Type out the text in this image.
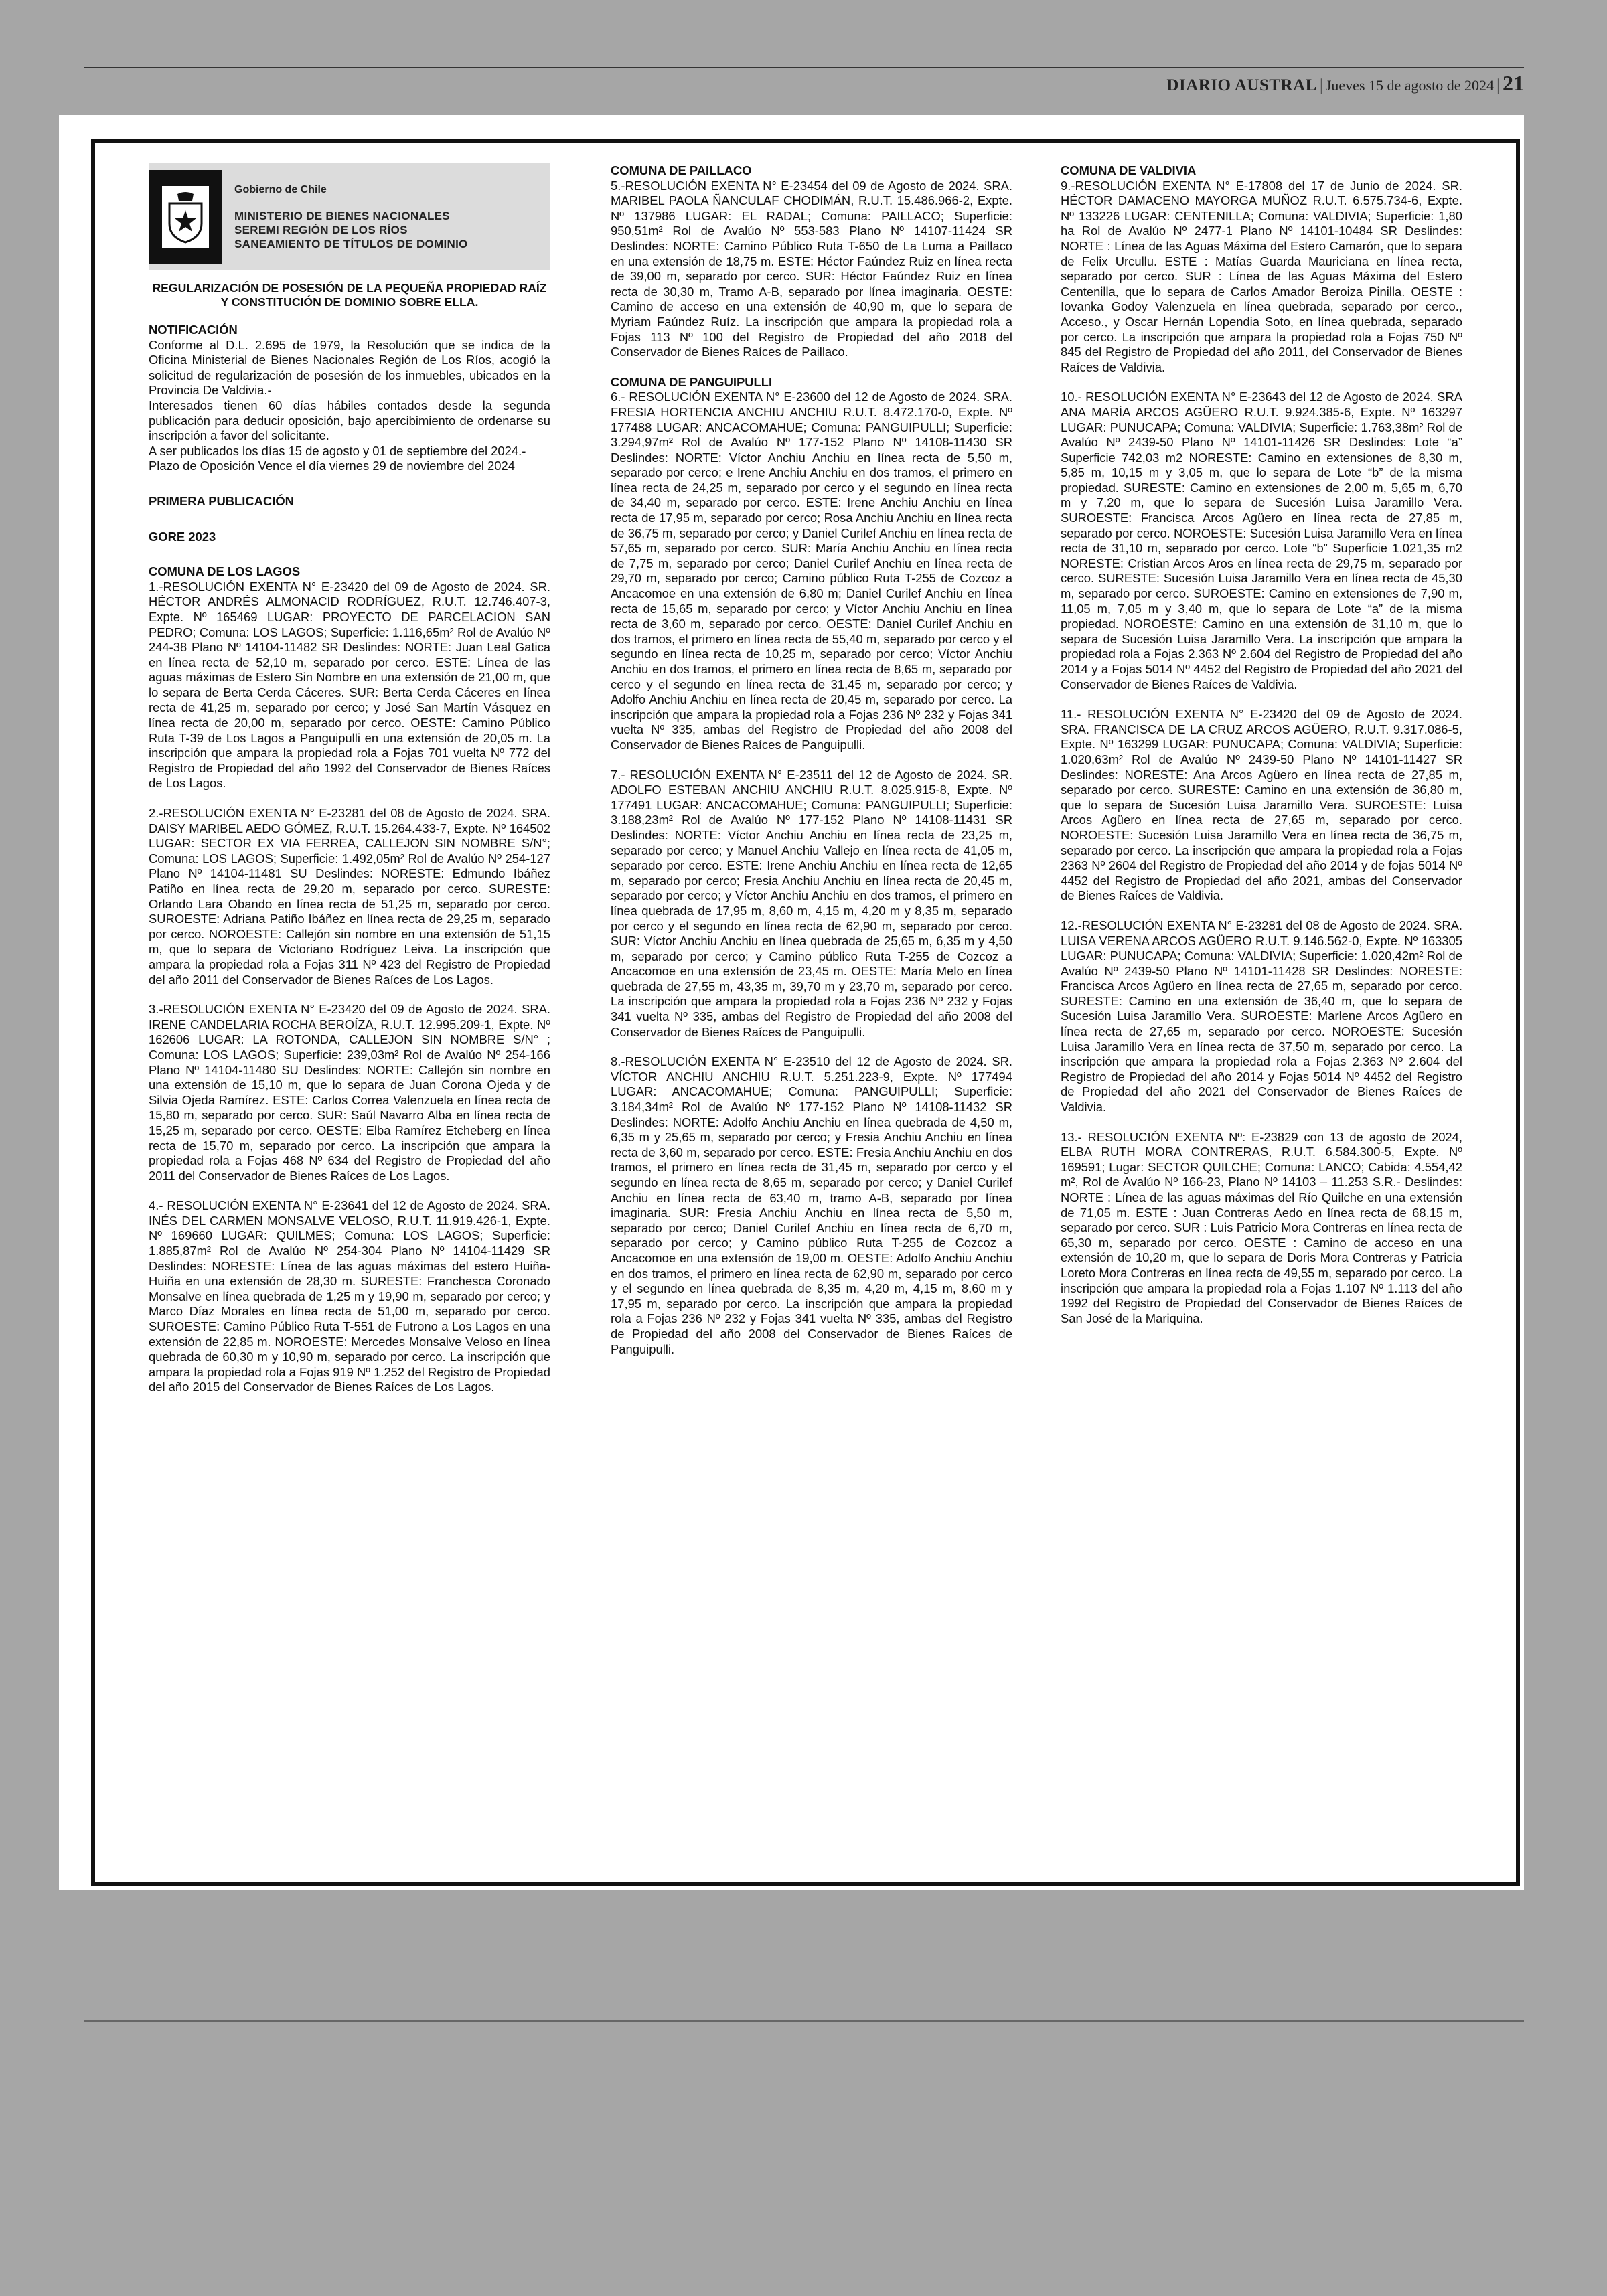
DIARIO AUSTRAL | Jueves 15 de agosto de 2024 | 21
Gobierno de Chile
MINISTERIO DE BIENES NACIONALES
SEREMI REGIÓN DE LOS RÍOS
SANEAMIENTO DE TÍTULOS DE DOMINIO
REGULARIZACIÓN DE POSESIÓN DE LA PEQUEÑA PROPIEDAD RAÍZ Y CONSTITUCIÓN DE DOMINIO SOBRE ELLA.

NOTIFICACIÓN

Conforme al D.L. 2.695 de 1979, la Resolución que se indica de la Oficina Ministerial de Bienes Nacionales Región de Los Ríos, acogió la solicitud de regularización de posesión de los inmuebles, ubicados en la Provincia De Valdivia.-

Interesados tienen 60 días hábiles contados desde la segunda publicación para deducir oposición, bajo apercibimiento de ordenarse su inscripción a favor del solicitante.

A ser publicados los días 15 de agosto y 01 de septiembre del 2024.-

Plazo de Oposición Vence el día viernes 29 de noviembre del 2024

PRIMERA PUBLICACIÓN

GORE 2023

COMUNA DE LOS LAGOS

1.-RESOLUCIÓN EXENTA N° E-23420 del 09 de Agosto de 2024. SR. HÉCTOR ANDRÉS ALMONACID RODRÍGUEZ, R.U.T. 12.746.407-3, Expte. Nº 165469 LUGAR: PROYECTO DE PARCELACION SAN PEDRO; Comuna: LOS LAGOS; Superficie: 1.116,65m² Rol de Avalúo Nº 244-38 Plano Nº 14104-11482 SR Deslindes: NORTE: Juan Leal Gatica en línea recta de 52,10 m, separado por cerco. ESTE: Línea de las aguas máximas de Estero Sin Nombre en una extensión de 21,00 m, que lo separa de Berta Cerda Cáceres. SUR: Berta Cerda Cáceres en línea recta de 41,25 m, separado por cerco; y José San Martín Vásquez en línea recta de 20,00 m, separado por cerco. OESTE: Camino Público Ruta T-39 de Los Lagos a Panguipulli en una extensión de 20,05 m. La inscripción que ampara la propiedad rola a Fojas 701 vuelta Nº 772 del Registro de Propiedad del año 1992 del Conservador de Bienes Raíces de Los Lagos.

2.-RESOLUCIÓN EXENTA N° E-23281 del 08 de Agosto de 2024. SRA. DAISY MARIBEL AEDO GÓMEZ, R.U.T. 15.264.433-7, Expte. Nº 164502 LUGAR: SECTOR EX VIA FERREA, CALLEJON SIN NOMBRE S/N°; Comuna: LOS LAGOS; Superficie: 1.492,05m² Rol de Avalúo Nº 254-127 Plano Nº 14104-11481 SU Deslindes: NORESTE: Edmundo Ibáñez Patiño en línea recta de 29,20 m, separado por cerco. SURESTE: Orlando Lara Obando en línea recta de 51,25 m, separado por cerco. SUROESTE: Adriana Patiño Ibáñez en línea recta de 29,25 m, separado por cerco. NOROESTE: Callejón sin nombre en una extensión de 51,15 m, que lo separa de Victoriano Rodríguez Leiva. La inscripción que ampara la propiedad rola a Fojas 311 Nº 423 del Registro de Propiedad del año 2011 del Conservador de Bienes Raíces de Los Lagos.

3.-RESOLUCIÓN EXENTA N° E-23420 del 09 de Agosto de 2024. SRA. IRENE CANDELARIA ROCHA BEROÍZA, R.U.T. 12.995.209-1, Expte. Nº 162606 LUGAR: LA ROTONDA, CALLEJON SIN NOMBRE S/N° ; Comuna: LOS LAGOS; Superficie: 239,03m² Rol de Avalúo Nº 254-166 Plano Nº 14104-11480 SU Deslindes: NORTE: Callejón sin nombre en una extensión de 15,10 m, que lo separa de Juan Corona Ojeda y de Silvia Ojeda Ramírez. ESTE: Carlos Correa Valenzuela en línea recta de 15,80 m, separado por cerco. SUR: Saúl Navarro Alba en línea recta de 15,25 m, separado por cerco. OESTE: Elba Ramírez Etcheberg en línea recta de 15,70 m, separado por cerco. La inscripción que ampara la propiedad rola a Fojas 468 Nº 634 del Registro de Propiedad del año 2011 del Conservador de Bienes Raíces de Los Lagos.

4.- RESOLUCIÓN EXENTA N° E-23641 del 12 de Agosto de 2024. SRA. INÉS DEL CARMEN MONSALVE VELOSO, R.U.T. 11.919.426-1, Expte. Nº 169660 LUGAR: QUILMES; Comuna: LOS LAGOS; Superficie: 1.885,87m² Rol de Avalúo Nº 254-304 Plano Nº 14104-11429 SR Deslindes: NORESTE: Línea de las aguas máximas del estero Huiña-Huiña en una extensión de 28,30 m. SURESTE: Franchesca Coronado Monsalve en línea quebrada de 1,25 m y 19,90 m, separado por cerco; y Marco Díaz Morales en línea recta de 51,00 m, separado por cerco. SUROESTE: Camino Público Ruta T-551 de Futrono a Los Lagos en una extensión de 22,85 m. NOROESTE: Mercedes Monsalve Veloso en línea quebrada de 60,30 m y 10,90 m, separado por cerco. La inscripción que ampara la propiedad rola a Fojas 919 Nº 1.252 del Registro de Propiedad del año 2015 del Conservador de Bienes Raíces de Los Lagos.

COMUNA DE PAILLACO

5.-RESOLUCIÓN EXENTA N° E-23454 del 09 de Agosto de 2024. SRA. MARIBEL PAOLA ÑANCULAF CHODIMÁN, R.U.T. 15.486.966-2, Expte. Nº 137986 LUGAR: EL RADAL; Comuna: PAILLACO; Superficie: 950,51m² Rol de Avalúo Nº 553-583 Plano Nº 14107-11424 SR Deslindes: NORTE: Camino Público Ruta T-650 de La Luma a Paillaco en una extensión de 18,75 m. ESTE: Héctor Faúndez Ruiz en línea recta de 39,00 m, separado por cerco. SUR: Héctor Faúndez Ruiz en línea recta de 30,30 m, Tramo A-B, separado por línea imaginaria. OESTE: Camino de acceso en una extensión de 40,90 m, que lo separa de Myriam Faúndez Ruíz. La inscripción que ampara la propiedad rola a Fojas 113 Nº 100 del Registro de Propiedad del año 2018 del Conservador de Bienes Raíces de Paillaco.

COMUNA DE PANGUIPULLI

6.- RESOLUCIÓN EXENTA N° E-23600 del 12 de Agosto de 2024. SRA. FRESIA HORTENCIA ANCHIU ANCHIU R.U.T. 8.472.170-0, Expte. Nº 177488 LUGAR: ANCACOMAHUE; Comuna: PANGUIPULLI; Superficie: 3.294,97m² Rol de Avalúo Nº 177-152 Plano Nº 14108-11430 SR Deslindes: NORTE: Víctor Anchiu Anchiu en línea recta de 5,50 m, separado por cerco; e Irene Anchiu Anchiu en dos tramos, el primero en línea recta de 24,25 m, separado por cerco y el segundo en línea recta de 34,40 m, separado por cerco. ESTE: Irene Anchiu Anchiu en línea recta de 17,95 m, separado por cerco; Rosa Anchiu Anchiu en línea recta de 36,75 m, separado por cerco; y Daniel Curilef Anchiu en línea recta de 57,65 m, separado por cerco. SUR: María Anchiu Anchiu en línea recta de 7,75 m, separado por cerco; Daniel Curilef Anchiu en línea recta de 29,70 m, separado por cerco; Camino público Ruta T-255 de Cozcoz a Ancacomoe en una extensión de 6,80 m; Daniel Curilef Anchiu en línea recta de 15,65 m, separado por cerco; y Víctor Anchiu Anchiu en línea recta de 3,60 m, separado por cerco. OESTE: Daniel Curilef Anchiu en dos tramos, el primero en línea recta de 55,40 m, separado por cerco y el segundo en línea recta de 10,25 m, separado por cerco; Víctor Anchiu Anchiu en dos tramos, el primero en línea recta de 8,65 m, separado por cerco y el segundo en línea recta de 31,45 m, separado por cerco; y Adolfo Anchiu Anchiu en línea recta de 20,45 m, separado por cerco. La inscripción que ampara la propiedad rola a Fojas 236 Nº 232 y Fojas 341 vuelta Nº 335, ambas del Registro de Propiedad del año 2008 del Conservador de Bienes Raíces de Panguipulli.

7.- RESOLUCIÓN EXENTA N° E-23511 del 12 de Agosto de 2024. SR. ADOLFO ESTEBAN ANCHIU ANCHIU R.U.T. 8.025.915-8, Expte. Nº 177491 LUGAR: ANCACOMAHUE; Comuna: PANGUIPULLI; Superficie: 3.188,23m² Rol de Avalúo Nº 177-152 Plano Nº 14108-11431 SR Deslindes: NORTE: Víctor Anchiu Anchiu en línea recta de 23,25 m, separado por cerco; y Manuel Anchiu Vallejo en línea recta de 41,05 m, separado por cerco. ESTE: Irene Anchiu Anchiu en línea recta de 12,65 m, separado por cerco; Fresia Anchiu Anchiu en línea recta de 20,45 m, separado por cerco; y Víctor Anchiu Anchiu en dos tramos, el primero en línea quebrada de 17,95 m, 8,60 m, 4,15 m, 4,20 m y 8,35 m, separado por cerco y el segundo en línea recta de 62,90 m, separado por cerco. SUR: Víctor Anchiu Anchiu en línea quebrada de 25,65 m, 6,35 m y 4,50 m, separado por cerco; y Camino público Ruta T-255 de Cozcoz a Ancacomoe en una extensión de 23,45 m. OESTE: María Melo en línea quebrada de 27,55 m, 43,35 m, 39,70 m y 23,70 m, separado por cerco. La inscripción que ampara la propiedad rola a Fojas 236 Nº 232 y Fojas 341 vuelta Nº 335, ambas del Registro de Propiedad del año 2008 del Conservador de Bienes Raíces de Panguipulli.

8.-RESOLUCIÓN EXENTA N° E-23510 del 12 de Agosto de 2024. SR. VÍCTOR ANCHIU ANCHIU R.U.T. 5.251.223-9, Expte. Nº 177494 LUGAR: ANCACOMAHUE; Comuna: PANGUIPULLI; Superficie: 3.184,34m² Rol de Avalúo Nº 177-152 Plano Nº 14108-11432 SR Deslindes: NORTE: Adolfo Anchiu Anchiu en línea quebrada de 4,50 m, 6,35 m y 25,65 m, separado por cerco; y Fresia Anchiu Anchiu en línea recta de 3,60 m, separado por cerco. ESTE: Fresia Anchiu Anchiu en dos tramos, el primero en línea recta de 31,45 m, separado por cerco y el segundo en línea recta de 8,65 m, separado por cerco; y Daniel Curilef Anchiu en línea recta de 63,40 m, tramo A-B, separado por línea imaginaria. SUR: Fresia Anchiu Anchiu en línea recta de 5,50 m, separado por cerco; Daniel Curilef Anchiu en línea recta de 6,70 m, separado por cerco; y Camino público Ruta T-255 de Cozcoz a Ancacomoe en una extensión de 19,00 m. OESTE: Adolfo Anchiu Anchiu en dos tramos, el primero en línea recta de 62,90 m, separado por cerco y el segundo en línea quebrada de 8,35 m, 4,20 m, 4,15 m, 8,60 m y 17,95 m, separado por cerco. La inscripción que ampara la propiedad rola a Fojas 236 Nº 232 y Fojas 341 vuelta Nº 335, ambas del Registro de Propiedad del año 2008 del Conservador de Bienes Raíces de Panguipulli.

COMUNA DE VALDIVIA

9.-RESOLUCIÓN EXENTA N° E-17808 del 17 de Junio de 2024. SR. HÉCTOR DAMACENO MAYORGA MUÑOZ R.U.T. 6.575.734-6, Expte. Nº 133226 LUGAR: CENTENILLA; Comuna: VALDIVIA; Superficie: 1,80 ha Rol de Avalúo Nº 2477-1 Plano Nº 14101-10484 SR Deslindes: NORTE : Línea de las Aguas Máxima del Estero Camarón, que lo separa de Felix Urcullu. ESTE : Matías Guarda Mauriciana en línea recta, separado por cerco. SUR : Línea de las Aguas Máxima del Estero Centenilla, que lo separa de Carlos Amador Beroiza Pinilla. OESTE : Iovanka Godoy Valenzuela en línea quebrada, separado por cerco., Acceso., y Oscar Hernán Lopendia Soto, en línea quebrada, separado por cerco. La inscripción que ampara la propiedad rola a Fojas 750 Nº 845 del Registro de Propiedad del año 2011, del Conservador de Bienes Raíces de Valdivia.

10.- RESOLUCIÓN EXENTA N° E-23643 del 12 de Agosto de 2024. SRA ANA MARÍA ARCOS AGÜERO R.U.T. 9.924.385-6, Expte. Nº 163297 LUGAR: PUNUCAPA; Comuna: VALDIVIA; Superficie: 1.763,38m² Rol de Avalúo Nº 2439-50 Plano Nº 14101-11426 SR Deslindes: Lote “a” Superficie 742,03 m2 NORESTE: Camino en extensiones de 8,30 m, 5,85 m, 10,15 m y 3,05 m, que lo separa de Lote “b” de la misma propiedad. SURESTE: Camino en extensiones de 2,00 m, 5,65 m, 6,70 m y 7,20 m, que lo separa de Sucesión Luisa Jaramillo Vera. SUROESTE: Francisca Arcos Agüero en línea recta de 27,85 m, separado por cerco. NOROESTE: Sucesión Luisa Jaramillo Vera en línea recta de 31,10 m, separado por cerco. Lote “b” Superficie 1.021,35 m2 NORESTE: Cristian Arcos Aros en línea recta de 29,75 m, separado por cerco. SURESTE: Sucesión Luisa Jaramillo Vera en línea recta de 45,30 m, separado por cerco. SUROESTE: Camino en extensiones de 7,90 m, 11,05 m, 7,05 m y 3,40 m, que lo separa de Lote “a” de la misma propiedad. NOROESTE: Camino en una extensión de 31,10 m, que lo separa de Sucesión Luisa Jaramillo Vera. La inscripción que ampara la propiedad rola a Fojas 2.363 Nº 2.604 del Registro de Propiedad del año 2014 y a Fojas 5014 Nº 4452 del Registro de Propiedad del año 2021 del Conservador de Bienes Raíces de Valdivia.

11.- RESOLUCIÓN EXENTA N° E-23420 del 09 de Agosto de 2024. SRA. FRANCISCA DE LA CRUZ ARCOS AGÜERO, R.U.T. 9.317.086-5, Expte. Nº 163299 LUGAR: PUNUCAPA; Comuna: VALDIVIA; Superficie: 1.020,63m² Rol de Avalúo Nº 2439-50 Plano Nº 14101-11427 SR Deslindes: NORESTE: Ana Arcos Agüero en línea recta de 27,85 m, separado por cerco. SURESTE: Camino en una extensión de 36,80 m, que lo separa de Sucesión Luisa Jaramillo Vera. SUROESTE: Luisa Arcos Agüero en línea recta de 27,65 m, separado por cerco. NOROESTE: Sucesión Luisa Jaramillo Vera en línea recta de 36,75 m, separado por cerco. La inscripción que ampara la propiedad rola a Fojas 2363 Nº 2604 del Registro de Propiedad del año 2014 y de fojas 5014 Nº 4452 del Registro de Propiedad del año 2021, ambas del Conservador de Bienes Raíces de Valdivia.

12.-RESOLUCIÓN EXENTA N° E-23281 del 08 de Agosto de 2024. SRA. LUISA VERENA ARCOS AGÜERO R.U.T. 9.146.562-0, Expte. Nº 163305 LUGAR: PUNUCAPA; Comuna: VALDIVIA; Superficie: 1.020,42m² Rol de Avalúo Nº 2439-50 Plano Nº 14101-11428 SR Deslindes: NORESTE: Francisca Arcos Agüero en línea recta de 27,65 m, separado por cerco. SURESTE: Camino en una extensión de 36,40 m, que lo separa de Sucesión Luisa Jaramillo Vera. SUROESTE: Marlene Arcos Agüero en línea recta de 27,65 m, separado por cerco. NOROESTE: Sucesión Luisa Jaramillo Vera en línea recta de 37,50 m, separado por cerco. La inscripción que ampara la propiedad rola a Fojas 2.363 Nº 2.604 del Registro de Propiedad del año 2014 y Fojas 5014 Nº 4452 del Registro de Propiedad del año 2021 del Conservador de Bienes Raíces de Valdivia.

13.- RESOLUCIÓN EXENTA Nº: E-23829 con 13 de agosto de 2024, ELBA RUTH MORA CONTRERAS, R.U.T. 6.584.300-5, Expte. Nº 169591; Lugar: SECTOR QUILCHE; Comuna: LANCO; Cabida: 4.554,42 m², Rol de Avalúo Nº 166-23, Plano Nº 14103 – 11.253 S.R.- Deslindes: NORTE : Línea de las aguas máximas del Río Quilche en una extensión de 71,05 m. ESTE : Juan Contreras Aedo en línea recta de 68,15 m, separado por cerco. SUR : Luis Patricio Mora Contreras en línea recta de 65,30 m, separado por cerco. OESTE : Camino de acceso en una extensión de 10,20 m, que lo separa de Doris Mora Contreras y Patricia Loreto Mora Contreras en línea recta de 49,55 m, separado por cerco. La inscripción que ampara la propiedad rola a Fojas 1.107 Nº 1.113 del año 1992 del Registro de Propiedad del Conservador de Bienes Raíces de San José de la Mariquina.
